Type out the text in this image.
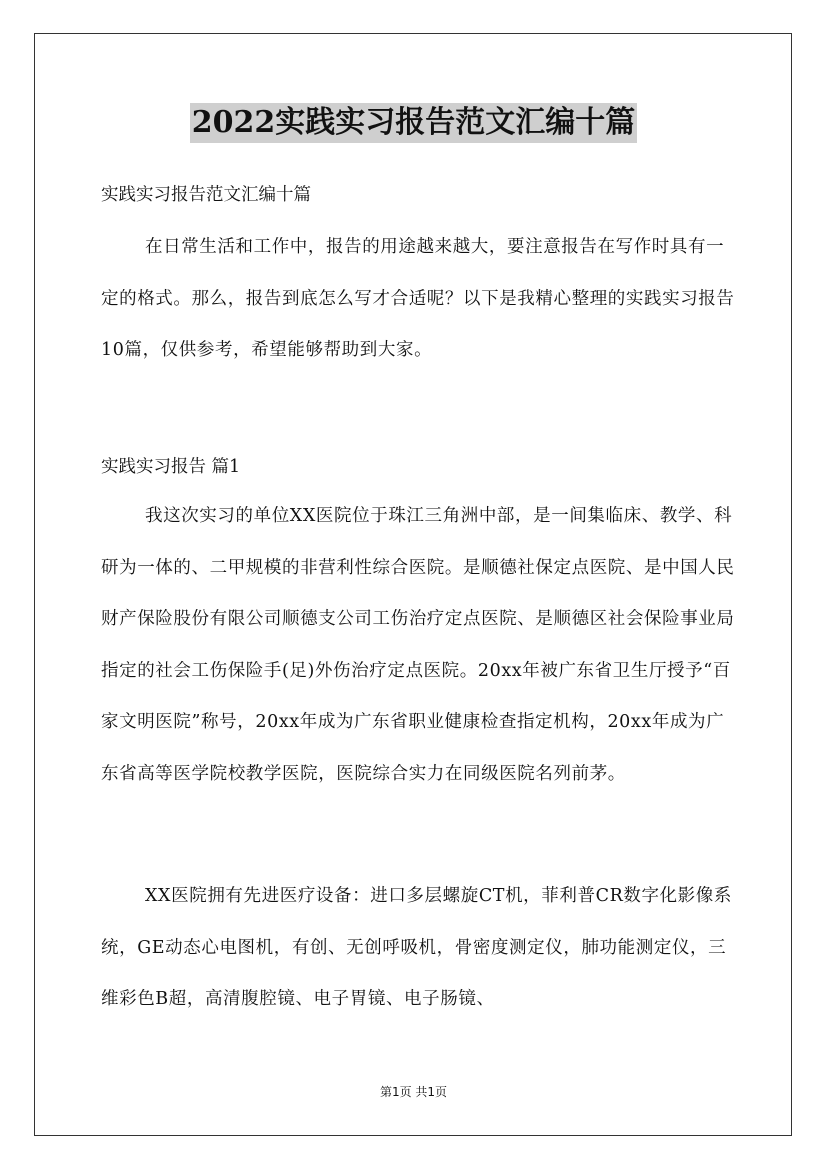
2022实践实习报告范文汇编十篇

实践实习报告范文汇编十篇

在日常生活和工作中，报告的用途越来越大，要注意报告在写作时具有一定的格式。那么，报告到底怎么写才合适呢？以下是我精心整理的实践实习报告10篇，仅供参考，希望能够帮助到大家。

实践实习报告 篇1

我这次实习的单位XX医院位于珠江三角洲中部，是一间集临床、教学、科研为一体的、二甲规模的非营利性综合医院。是顺德社保定点医院、是中国人民财产保险股份有限公司顺德支公司工伤治疗定点医院、是顺德区社会保险事业局指定的社会工伤保险手(足)外伤治疗定点医院。20xx年被广东省卫生厅授予“百家文明医院”称号，20xx年成为广东省职业健康检查指定机构，20xx年成为广东省高等医学院校教学医院，医院综合实力在同级医院名列前茅。

XX医院拥有先进医疗设备：进口多层螺旋CT机，菲利普CR数字化影像系统，GE动态心电图机，有创、无创呼吸机，骨密度测定仪，肺功能测定仪，三维彩色B超，高清腹腔镜、电子胃镜、电子肠镜、

第1页 共1页
